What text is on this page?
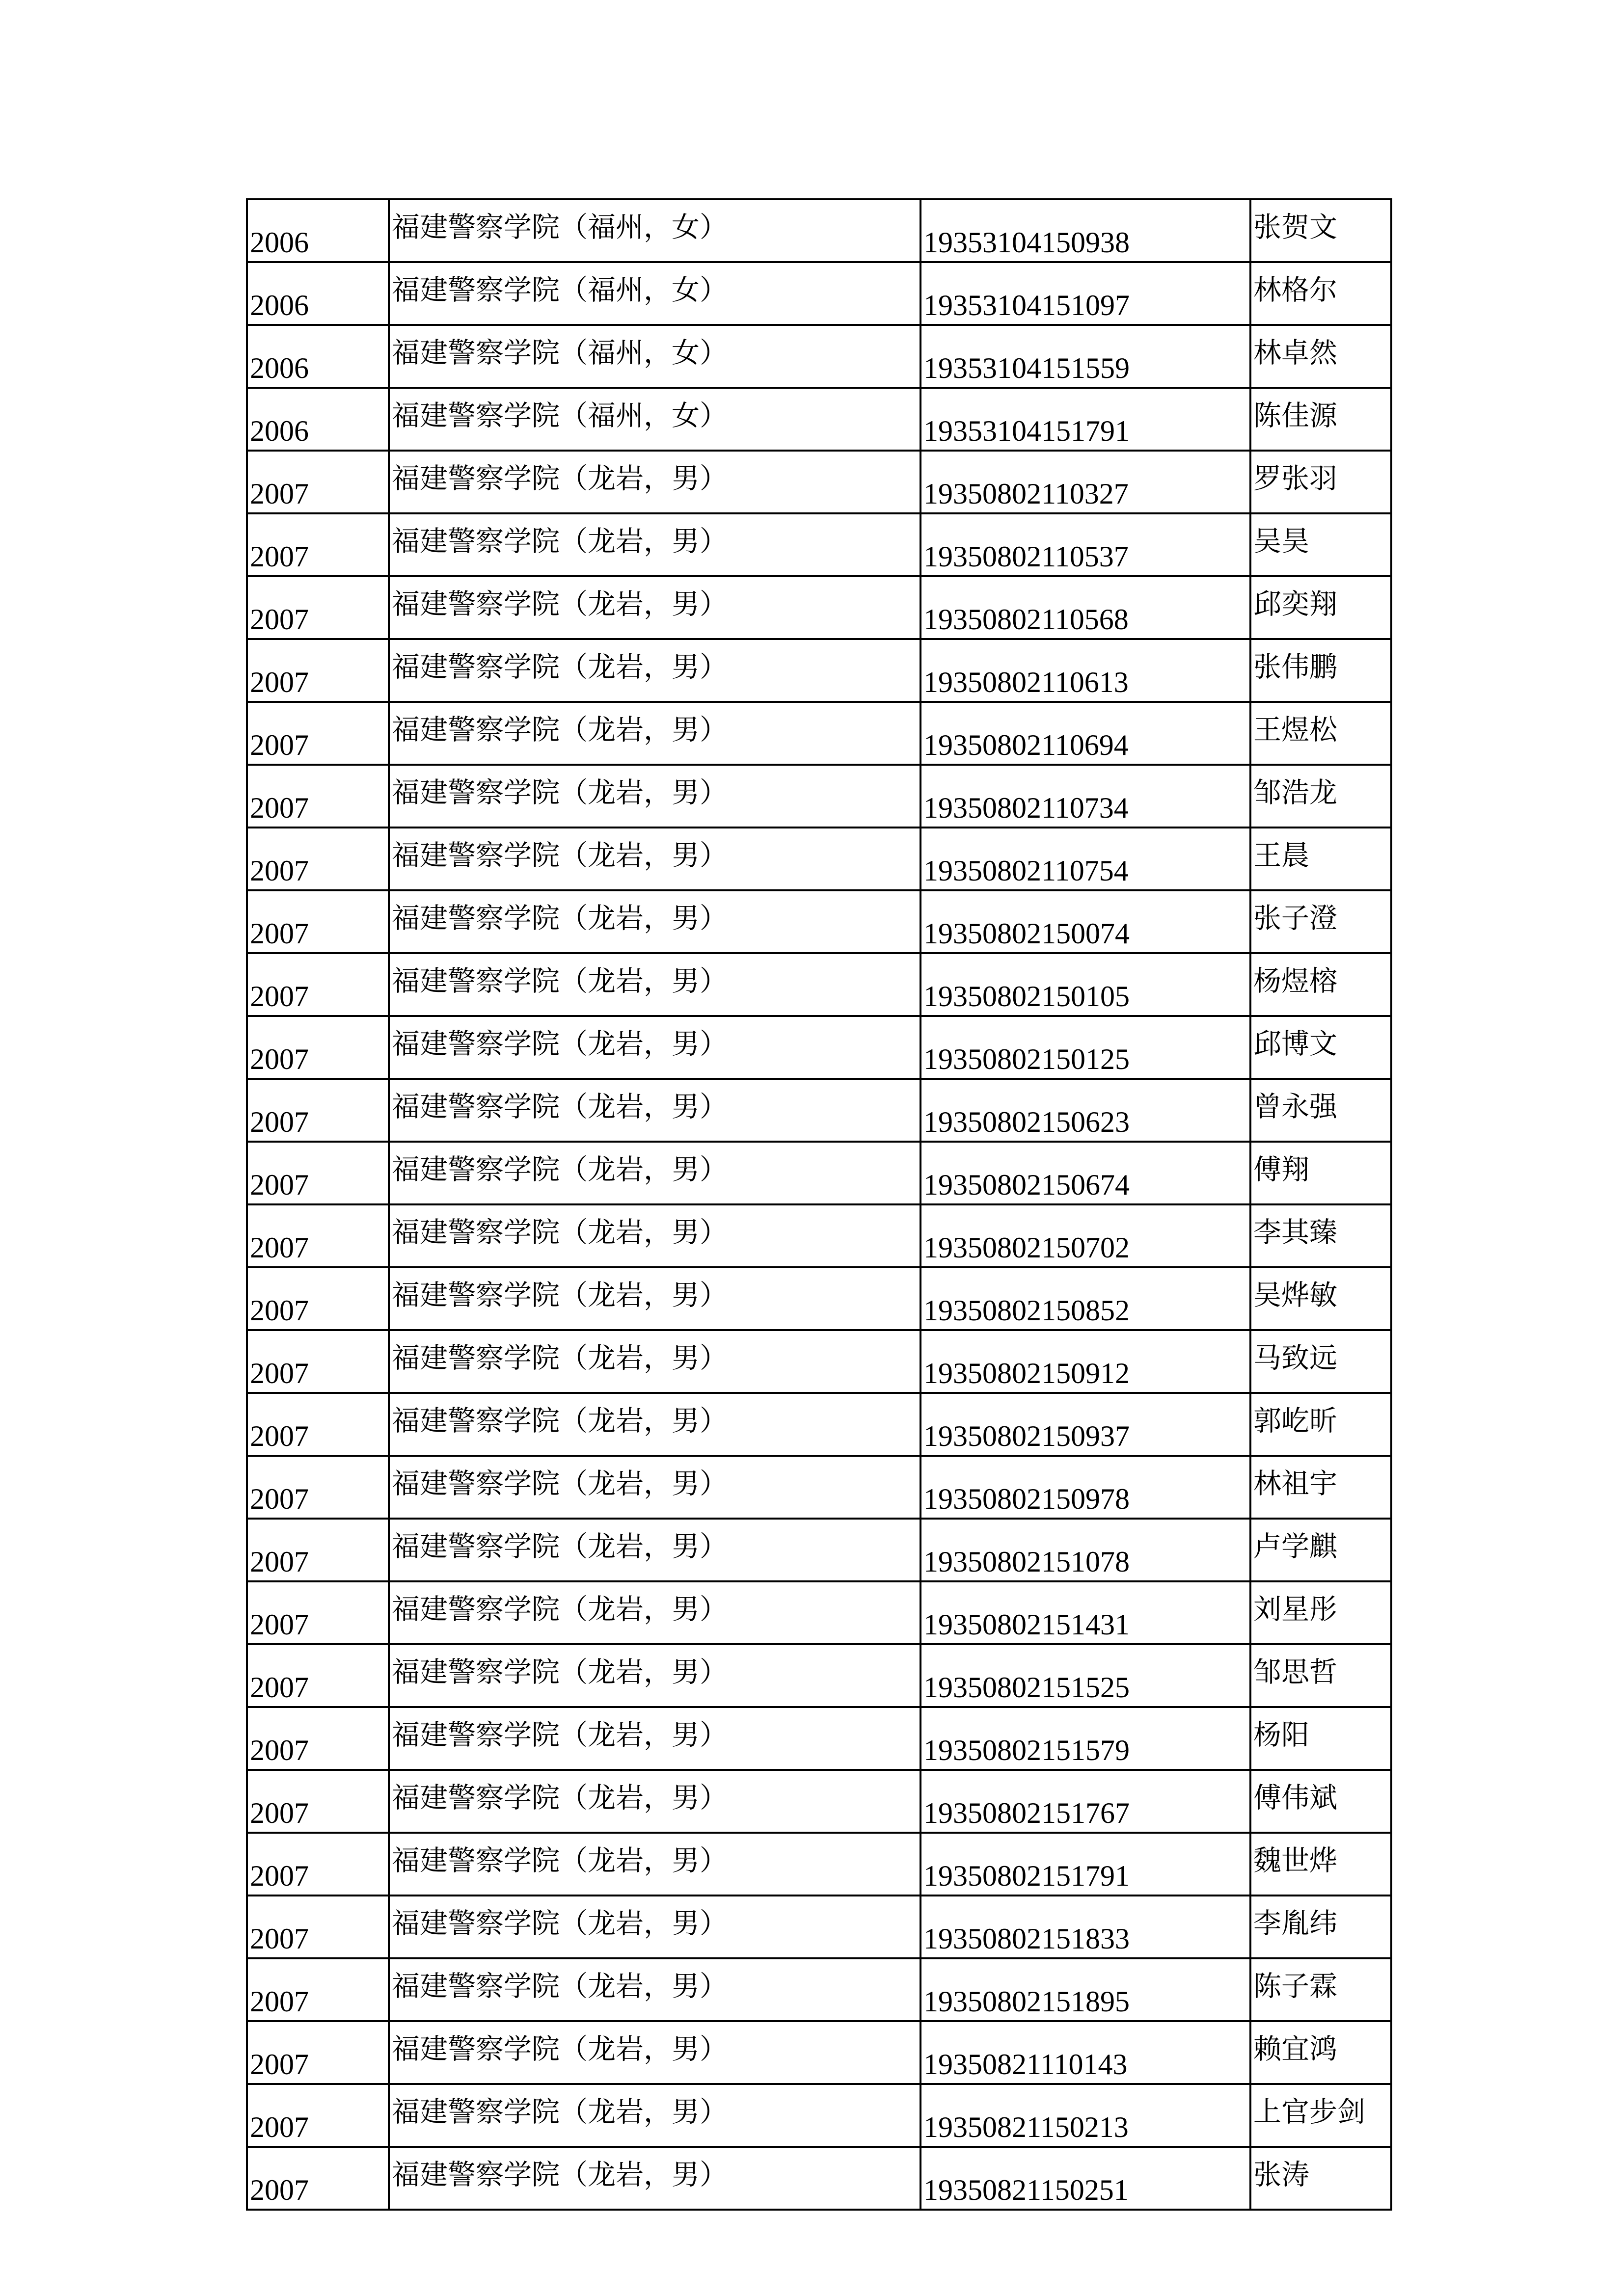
2006	福建警察学院（福州，女）	19353104150938	张贺文
2006	福建警察学院（福州，女）	19353104151097	林格尔
2006	福建警察学院（福州，女）	19353104151559	林卓然
2006	福建警察学院（福州，女）	19353104151791	陈佳源
2007	福建警察学院（龙岩，男）	19350802110327	罗张羽
2007	福建警察学院（龙岩，男）	19350802110537	吴昊
2007	福建警察学院（龙岩，男）	19350802110568	邱奕翔
2007	福建警察学院（龙岩，男）	19350802110613	张伟鹏
2007	福建警察学院（龙岩，男）	19350802110694	王煜松
2007	福建警察学院（龙岩，男）	19350802110734	邹浩龙
2007	福建警察学院（龙岩，男）	19350802110754	王晨
2007	福建警察学院（龙岩，男）	19350802150074	张子澄
2007	福建警察学院（龙岩，男）	19350802150105	杨煜榕
2007	福建警察学院（龙岩，男）	19350802150125	邱博文
2007	福建警察学院（龙岩，男）	19350802150623	曾永强
2007	福建警察学院（龙岩，男）	19350802150674	傅翔
2007	福建警察学院（龙岩，男）	19350802150702	李其臻
2007	福建警察学院（龙岩，男）	19350802150852	吴烨敏
2007	福建警察学院（龙岩，男）	19350802150912	马致远
2007	福建警察学院（龙岩，男）	19350802150937	郭屹昕
2007	福建警察学院（龙岩，男）	19350802150978	林祖宇
2007	福建警察学院（龙岩，男）	19350802151078	卢学麒
2007	福建警察学院（龙岩，男）	19350802151431	刘星彤
2007	福建警察学院（龙岩，男）	19350802151525	邹思哲
2007	福建警察学院（龙岩，男）	19350802151579	杨阳
2007	福建警察学院（龙岩，男）	19350802151767	傅伟斌
2007	福建警察学院（龙岩，男）	19350802151791	魏世烨
2007	福建警察学院（龙岩，男）	19350802151833	李胤纬
2007	福建警察学院（龙岩，男）	19350802151895	陈子霖
2007	福建警察学院（龙岩，男）	19350821110143	赖宜鸿
2007	福建警察学院（龙岩，男）	19350821150213	上官步剑
2007	福建警察学院（龙岩，男）	19350821150251	张涛
